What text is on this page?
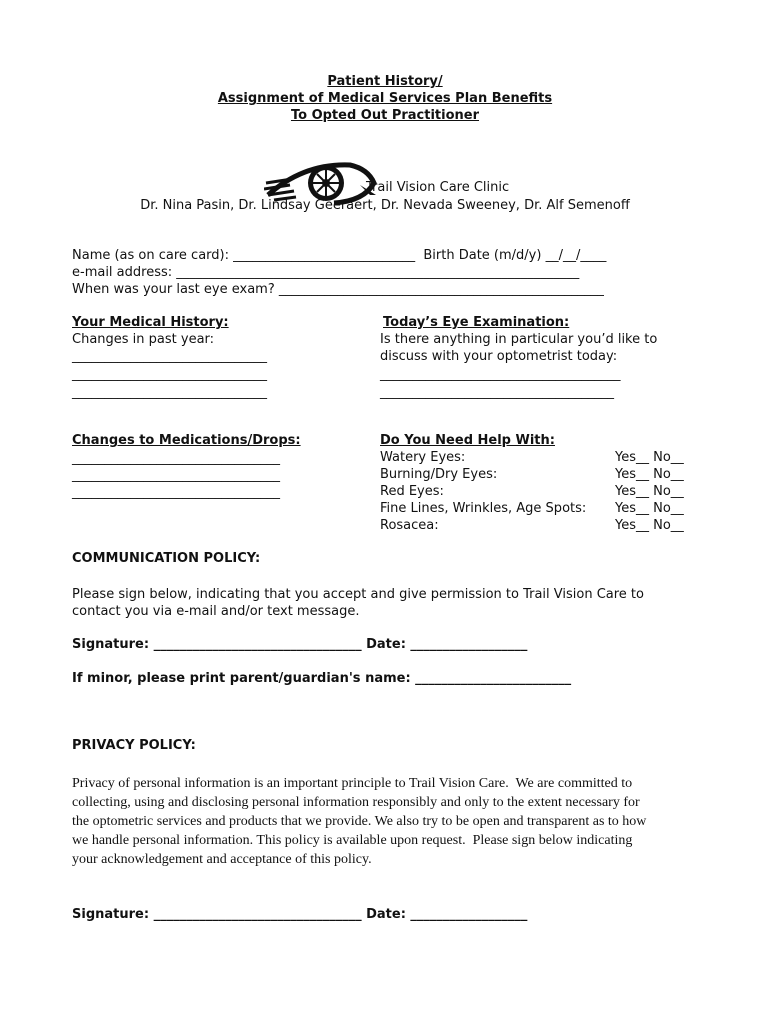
Patient History/
Assignment of Medical Services Plan Benefits
To Opted Out Practitioner

Trail Vision Care Clinic
Dr. Nina Pasin, Dr. Lindsay Geeraert, Dr. Nevada Sweeney, Dr. Alf Semenoff
Name (as on care card): ____________________________  Birth Date (m/d/y) __/__/____
e-mail address: ______________________________________________________________
When was your last eye exam? __________________________________________________
Your Medical History:
Changes in past year:
______________________________
______________________________
______________________________
Today’s Eye Examination:
Is there anything in particular you’d like to
discuss with your optometrist today:
_____________________________________
____________________________________
Changes to Medications/Drops:
________________________________
________________________________
________________________________
Do You Need Help With:
Watery Eyes:	Yes__ No__
Burning/Dry Eyes:	Yes__ No__
Red Eyes:	Yes__ No__
Fine Lines, Wrinkles, Age Spots: Yes__ No__
Rosacea:	Yes__ No__
COMMUNICATION POLICY:
Please sign below, indicating that you accept and give permission to Trail Vision Care to
contact you via e-mail and/or text message.
Signature: ________________________________ Date: __________________
If minor, please print parent/guardian's name: ________________________
PRIVACY POLICY:
Privacy of personal information is an important principle to Trail Vision Care.  We are committed to
collecting, using and disclosing personal information responsibly and only to the extent necessary for
the optometric services and products that we provide. We also try to be open and transparent as to how
we handle personal information. This policy is available upon request.  Please sign below indicating
your acknowledgement and acceptance of this policy.
Signature: ________________________________ Date: __________________
